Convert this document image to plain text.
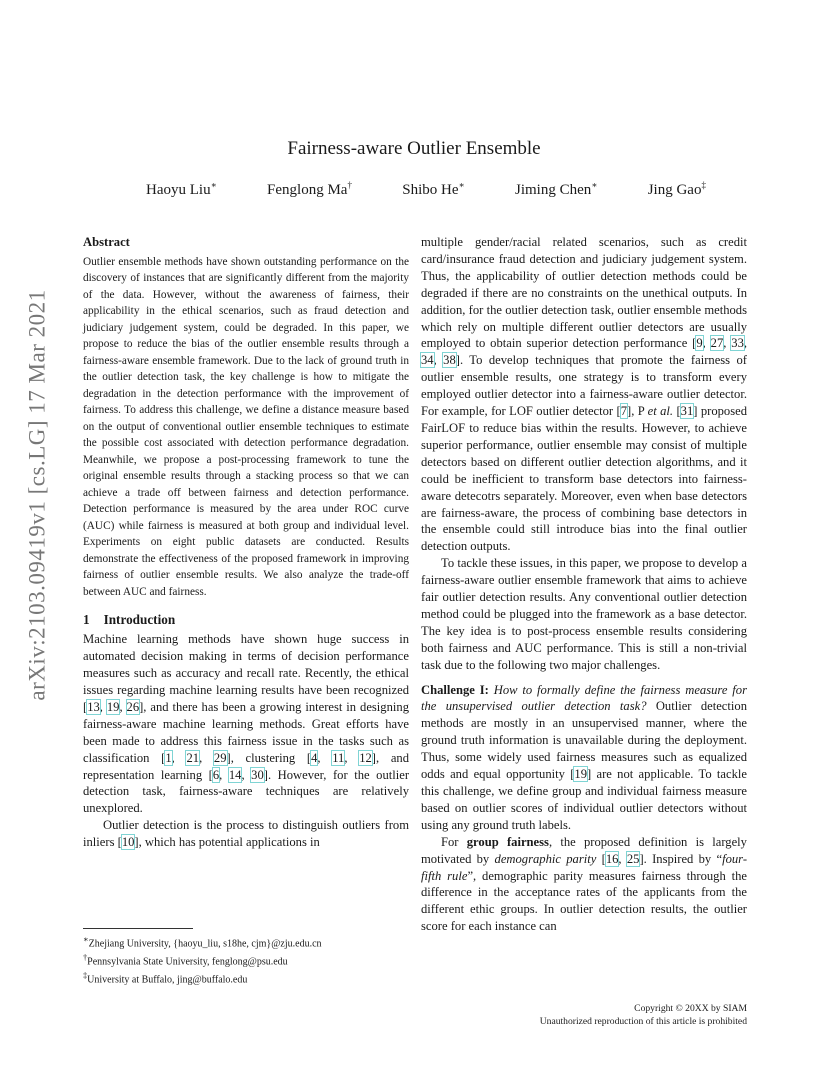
arXiv:2103.09419v1 [cs.LG] 17 Mar 2021
Fairness-aware Outlier Ensemble
Haoyu Liu∗	Fenglong Ma†	Shibo He∗	Jiming Chen∗	Jing Gao‡
Abstract

Outlier ensemble methods have shown outstanding performance on the discovery of instances that are significantly different from the majority of the data. However, without the awareness of fairness, their applicability in the ethical scenarios, such as fraud detection and judiciary judgement system, could be degraded. In this paper, we propose to reduce the bias of the outlier ensemble results through a fairness-aware ensemble framework. Due to the lack of ground truth in the outlier detection task, the key challenge is how to mitigate the degradation in the detection performance with the improvement of fairness. To address this challenge, we define a distance measure based on the output of conventional outlier ensemble techniques to estimate the possible cost associated with detection performance degradation. Meanwhile, we propose a post-processing framework to tune the original ensemble results through a stacking process so that we can achieve a trade off between fairness and detection performance. Detection performance is measured by the area under ROC curve (AUC) while fairness is measured at both group and individual level. Experiments on eight public datasets are conducted. Results demonstrate the effectiveness of the proposed framework in improving fairness of outlier ensemble results. We also analyze the trade-off between AUC and fairness.

1 Introduction

Machine learning methods have shown huge success in automated decision making in terms of decision performance measures such as accuracy and recall rate. Recently, the ethical issues regarding machine learning results have been recognized [13, 19, 26], and there has been a growing interest in designing fairness-aware machine learning methods. Great efforts have been made to address this fairness issue in the tasks such as classification [1, 21, 29], clustering [4, 11, 12], and representation learning [6, 14, 30]. However, for the outlier detection task, fairness-aware techniques are relatively unexplored.

Outlier detection is the process to distinguish outliers from inliers [10], which has potential applications in

multiple gender/racial related scenarios, such as credit card/insurance fraud detection and judiciary judgement system. Thus, the applicability of outlier detection methods could be degraded if there are no constraints on the unethical outputs. In addition, for the outlier detection task, outlier ensemble methods which rely on multiple different outlier detectors are usually employed to obtain superior detection performance [9, 27, 33, 34, 38]. To develop techniques that promote the fairness of outlier ensemble results, one strategy is to transform every employed outlier detector into a fairness-aware outlier detector. For example, for LOF outlier detector [7], P et al. [31] proposed FairLOF to reduce bias within the results. However, to achieve superior performance, outlier ensemble may consist of multiple detectors based on different outlier detection algorithms, and it could be inefficient to transform base detectors into fairness-aware detecotrs separately. Moreover, even when base detectors are fairness-aware, the process of combining base detectors in the ensemble could still introduce bias into the final outlier detection outputs.

To tackle these issues, in this paper, we propose to develop a fairness-aware outlier ensemble framework that aims to achieve fair outlier detection results. Any conventional outlier detection method could be plugged into the framework as a base detector. The key idea is to post-process ensemble results considering both fairness and AUC performance. This is still a non-trivial task due to the following two major challenges.

Challenge I: How to formally define the fairness measure for the unsupervised outlier detection task? Outlier detection methods are mostly in an unsupervised manner, where the ground truth information is unavailable during the deployment. Thus, some widely used fairness measures such as equalized odds and equal opportunity [19] are not applicable. To tackle this challenge, we define group and individual fairness measure based on outlier scores of individual outlier detectors without using any ground truth labels.

For group fairness, the proposed definition is largely motivated by demographic parity [16, 25]. Inspired by “four-fifth rule”, demographic parity measures fairness through the difference in the acceptance rates of the applicants from the different ethic groups. In outlier detection results, the outlier score for each instance can

∗Zhejiang University, {haoyu_liu, s18he, cjm}@zju.edu.cn
†Pennsylvania State University, fenglong@psu.edu
‡University at Buffalo, jing@buffalo.edu
Copyright © 20XX by SIAM
Unauthorized reproduction of this article is prohibited
